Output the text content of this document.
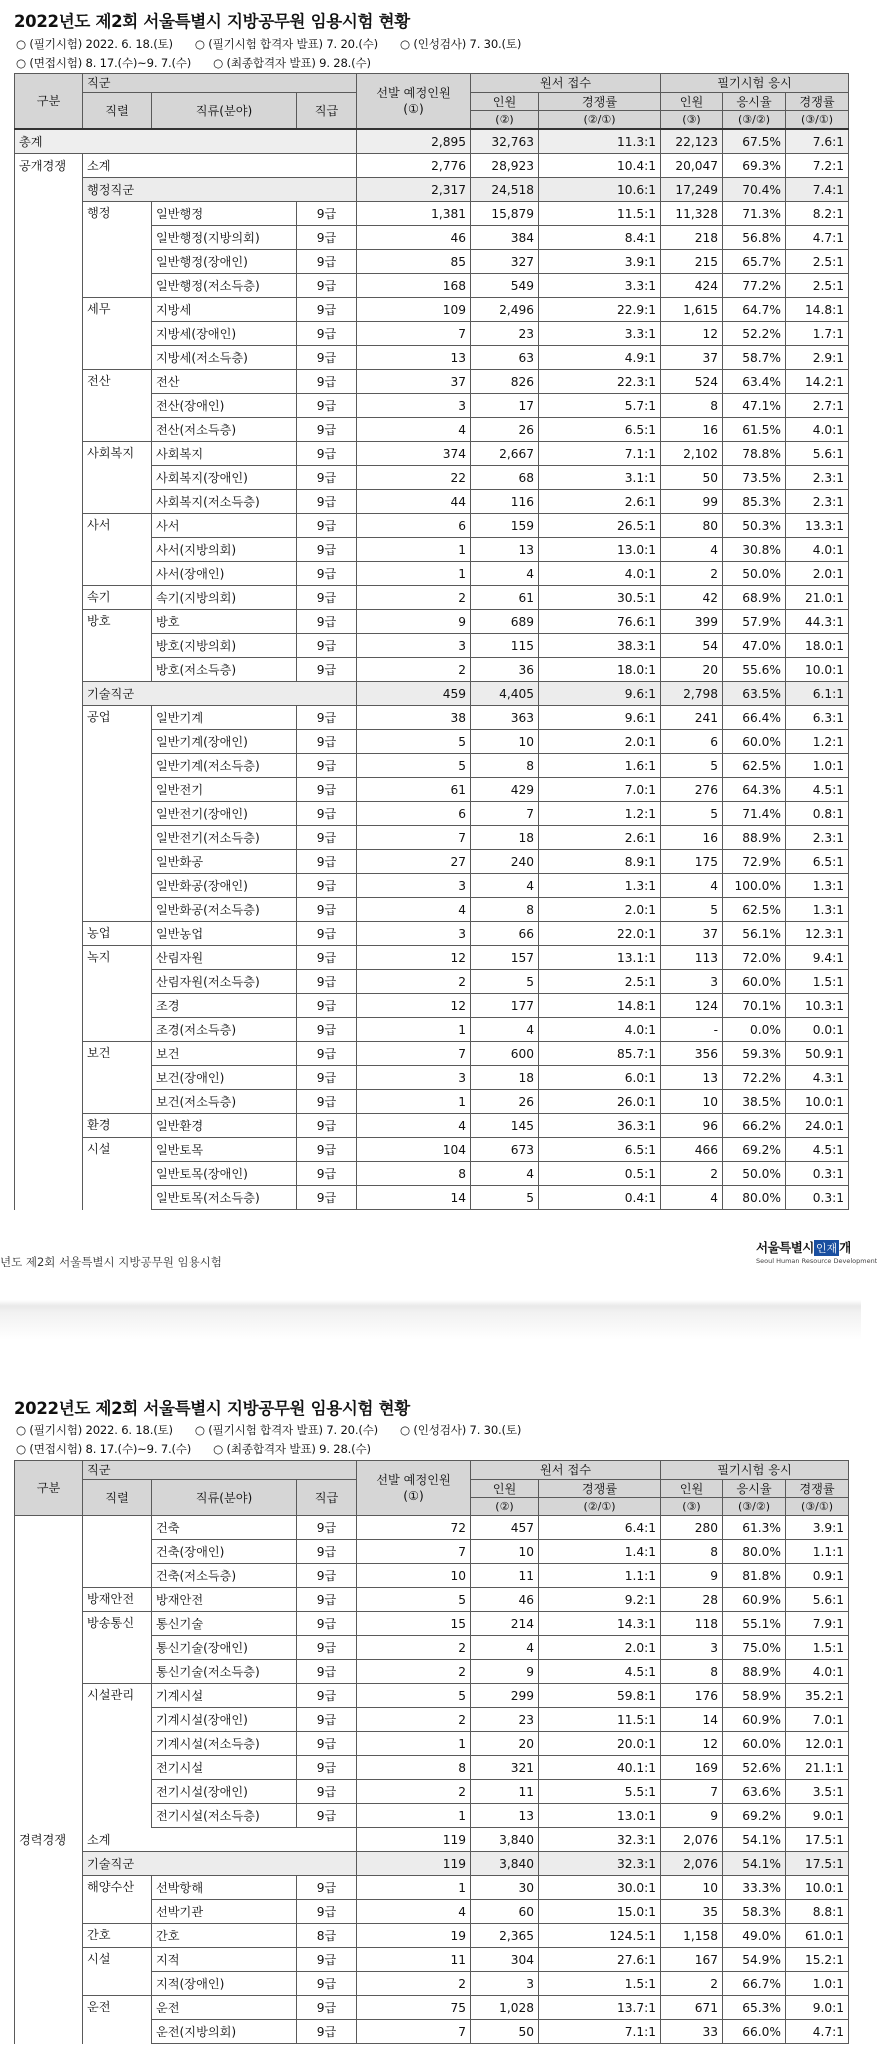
2022년도 제2회 서울특별시 지방공무원 임용시험 현황
○ (필기시험) 2022. 6. 18.(토) ○ (필기시험 합격자 발표) 7. 20.(수) ○ (인성검사) 7. 30.(토)
○ (면접시험) 8. 17.(수)~9. 7.(수) ○ (최종합격자 발표) 9. 28.(수)
구분	직군			선발 예정인원
(①)	원서 접수		필기시험 응시		
	직렬	직류(분야)	직급		인원	경쟁률	인원	응시율	경쟁률
					(②)	(②/①)	(③)	(③/②)	(③/①)
총계				2,895	32,763	11.3:1	22,123	67.5%	7.6:1
공개경쟁	소계			2,776	28,923	10.4:1	20,047	69.3%	7.2:1
	행정직군			2,317	24,518	10.6:1	17,249	70.4%	7.4:1
	행정	일반행정	9급	1,381	15,879	11.5:1	11,328	71.3%	8.2:1
		일반행정(지방의회)	9급	46	384	8.4:1	218	56.8%	4.7:1
		일반행정(장애인)	9급	85	327	3.9:1	215	65.7%	2.5:1
		일반행정(저소득층)	9급	168	549	3.3:1	424	77.2%	2.5:1
	세무	지방세	9급	109	2,496	22.9:1	1,615	64.7%	14.8:1
		지방세(장애인)	9급	7	23	3.3:1	12	52.2%	1.7:1
		지방세(저소득층)	9급	13	63	4.9:1	37	58.7%	2.9:1
	전산	전산	9급	37	826	22.3:1	524	63.4%	14.2:1
		전산(장애인)	9급	3	17	5.7:1	8	47.1%	2.7:1
		전산(저소득층)	9급	4	26	6.5:1	16	61.5%	4.0:1
	사회복지	사회복지	9급	374	2,667	7.1:1	2,102	78.8%	5.6:1
		사회복지(장애인)	9급	22	68	3.1:1	50	73.5%	2.3:1
		사회복지(저소득층)	9급	44	116	2.6:1	99	85.3%	2.3:1
	사서	사서	9급	6	159	26.5:1	80	50.3%	13.3:1
		사서(지방의회)	9급	1	13	13.0:1	4	30.8%	4.0:1
		사서(장애인)	9급	1	4	4.0:1	2	50.0%	2.0:1
	속기	속기(지방의회)	9급	2	61	30.5:1	42	68.9%	21.0:1
	방호	방호	9급	9	689	76.6:1	399	57.9%	44.3:1
		방호(지방의회)	9급	3	115	38.3:1	54	47.0%	18.0:1
		방호(저소득층)	9급	2	36	18.0:1	20	55.6%	10.0:1
	기술직군			459	4,405	9.6:1	2,798	63.5%	6.1:1
	공업	일반기계	9급	38	363	9.6:1	241	66.4%	6.3:1
		일반기계(장애인)	9급	5	10	2.0:1	6	60.0%	1.2:1
		일반기계(저소득층)	9급	5	8	1.6:1	5	62.5%	1.0:1
		일반전기	9급	61	429	7.0:1	276	64.3%	4.5:1
		일반전기(장애인)	9급	6	7	1.2:1	5	71.4%	0.8:1
		일반전기(저소득층)	9급	7	18	2.6:1	16	88.9%	2.3:1
		일반화공	9급	27	240	8.9:1	175	72.9%	6.5:1
		일반화공(장애인)	9급	3	4	1.3:1	4	100.0%	1.3:1
		일반화공(저소득층)	9급	4	8	2.0:1	5	62.5%	1.3:1
	농업	일반농업	9급	3	66	22.0:1	37	56.1%	12.3:1
	녹지	산림자원	9급	12	157	13.1:1	113	72.0%	9.4:1
		산림자원(저소득층)	9급	2	5	2.5:1	3	60.0%	1.5:1
		조경	9급	12	177	14.8:1	124	70.1%	10.3:1
		조경(저소득층)	9급	1	4	4.0:1	-	0.0%	0.0:1
	보건	보건	9급	7	600	85.7:1	356	59.3%	50.9:1
		보건(장애인)	9급	3	18	6.0:1	13	72.2%	4.3:1
		보건(저소득층)	9급	1	26	26.0:1	10	38.5%	10.0:1
	환경	일반환경	9급	4	145	36.3:1	96	66.2%	24.0:1
	시설	일반토목	9급	104	673	6.5:1	466	69.2%	4.5:1
		일반토목(장애인)	9급	8	4	0.5:1	2	50.0%	0.3:1
		일반토목(저소득층)	9급	14	5	0.4:1	4	80.0%	0.3:1
년도 제2회 서울특별시 지방공무원 임용시험
서울특별시 인재 개
Seoul Human Resource Development
2022년도 제2회 서울특별시 지방공무원 임용시험 현황
○ (필기시험) 2022. 6. 18.(토) ○ (필기시험 합격자 발표) 7. 20.(수) ○ (인성검사) 7. 30.(토)
○ (면접시험) 8. 17.(수)~9. 7.(수) ○ (최종합격자 발표) 9. 28.(수)
구분	직군			선발 예정인원
(①)	원서 접수		필기시험 응시		
	직렬	직류(분야)	직급		인원	경쟁률	인원	응시율	경쟁률
					(②)	(②/①)	(③)	(③/②)	(③/①)
		건축	9급	72	457	6.4:1	280	61.3%	3.9:1
		건축(장애인)	9급	7	10	1.4:1	8	80.0%	1.1:1
		건축(저소득층)	9급	10	11	1.1:1	9	81.8%	0.9:1
	방재안전	방재안전	9급	5	46	9.2:1	28	60.9%	5.6:1
	방송통신	통신기술	9급	15	214	14.3:1	118	55.1%	7.9:1
		통신기술(장애인)	9급	2	4	2.0:1	3	75.0%	1.5:1
		통신기술(저소득층)	9급	2	9	4.5:1	8	88.9%	4.0:1
	시설관리	기계시설	9급	5	299	59.8:1	176	58.9%	35.2:1
		기계시설(장애인)	9급	2	23	11.5:1	14	60.9%	7.0:1
		기계시설(저소득층)	9급	1	20	20.0:1	12	60.0%	12.0:1
		전기시설	9급	8	321	40.1:1	169	52.6%	21.1:1
		전기시설(장애인)	9급	2	11	5.5:1	7	63.6%	3.5:1
		전기시설(저소득층)	9급	1	13	13.0:1	9	69.2%	9.0:1
경력경쟁	소계			119	3,840	32.3:1	2,076	54.1%	17.5:1
	기술직군			119	3,840	32.3:1	2,076	54.1%	17.5:1
	해양수산	선박항해	9급	1	30	30.0:1	10	33.3%	10.0:1
		선박기관	9급	4	60	15.0:1	35	58.3%	8.8:1
	간호	간호	8급	19	2,365	124.5:1	1,158	49.0%	61.0:1
	시설	지적	9급	11	304	27.6:1	167	54.9%	15.2:1
		지적(장애인)	9급	2	3	1.5:1	2	66.7%	1.0:1
	운전	운전	9급	75	1,028	13.7:1	671	65.3%	9.0:1
		운전(지방의회)	9급	7	50	7.1:1	33	66.0%	4.7:1
